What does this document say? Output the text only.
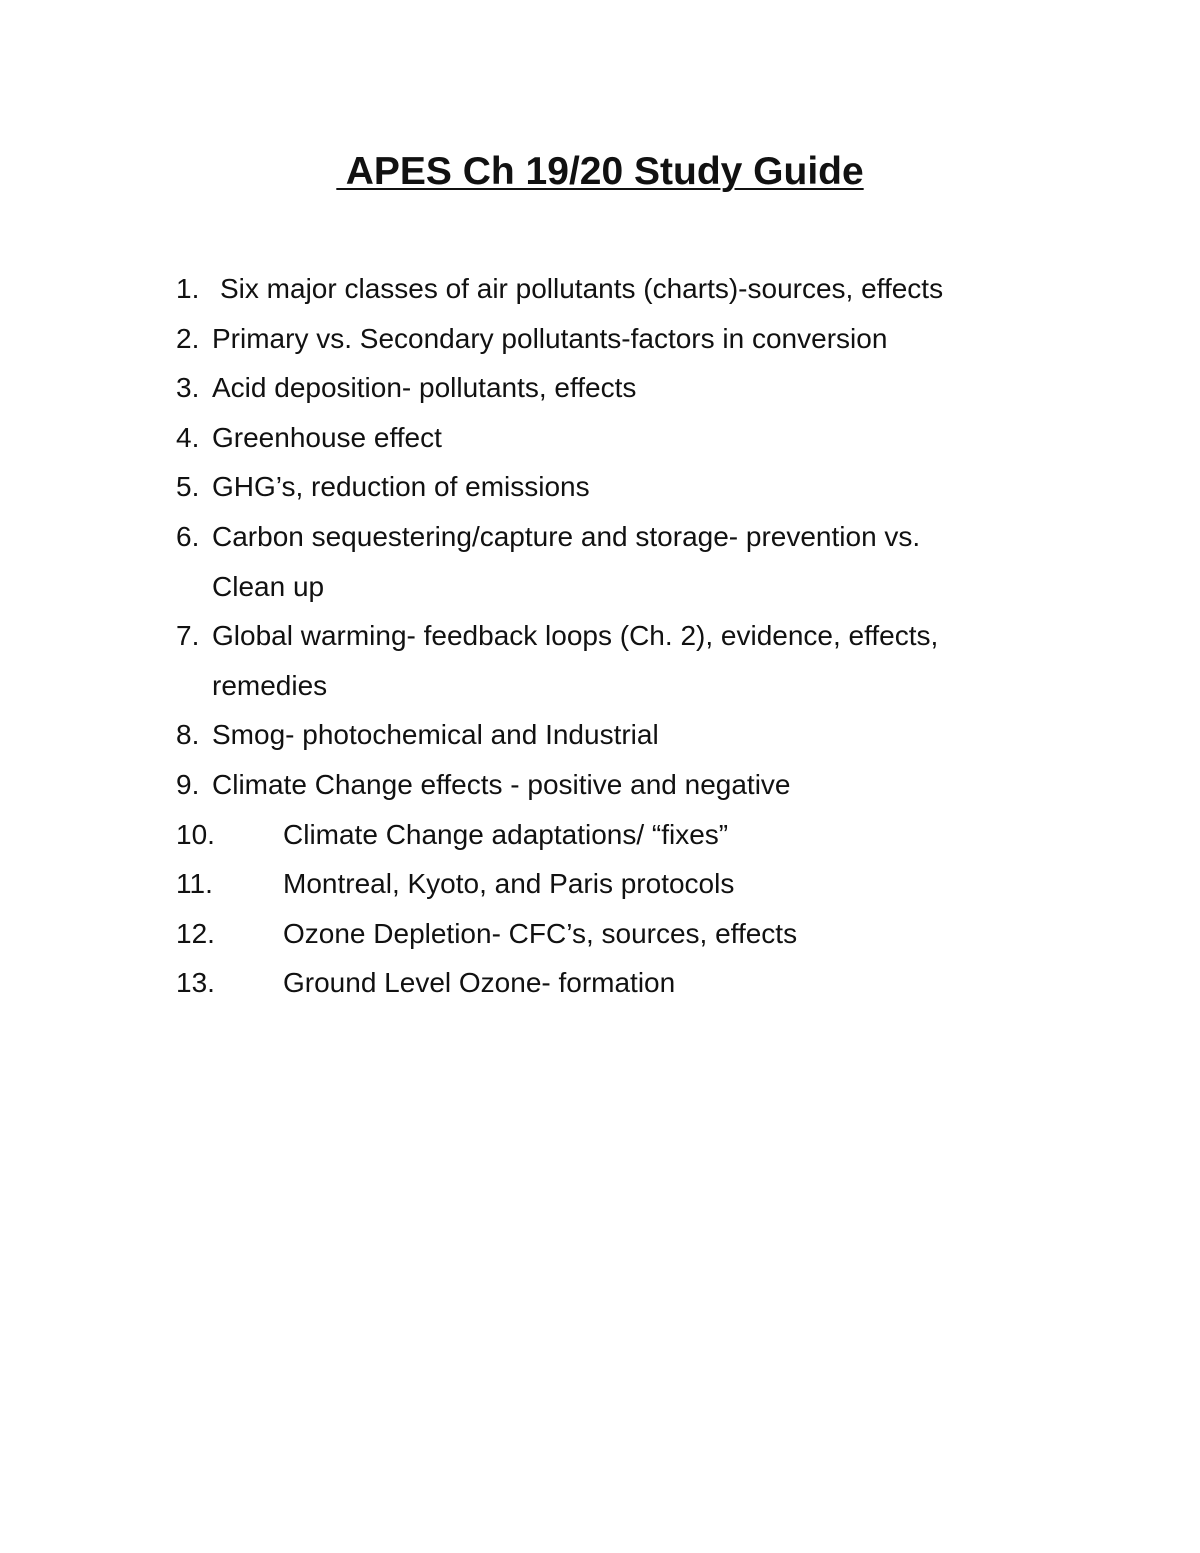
APES Ch 19/20 Study Guide
1. Six major classes of air pollutants (charts)-sources, effects
2. Primary vs. Secondary pollutants-factors in conversion
3. Acid deposition- pollutants, effects
4. Greenhouse effect
5. GHG’s, reduction of emissions
6. Carbon sequestering/capture and storage- prevention vs.
Clean up
7. Global warming- feedback loops (Ch. 2), evidence, effects,
remedies
8. Smog- photochemical and Industrial
9. Climate Change effects - positive and negative
10. Climate Change adaptations/ “fixes”
11.	Montreal, Kyoto, and Paris protocols
12. Ozone Depletion- CFC’s, sources, effects
13. Ground Level Ozone- formation
